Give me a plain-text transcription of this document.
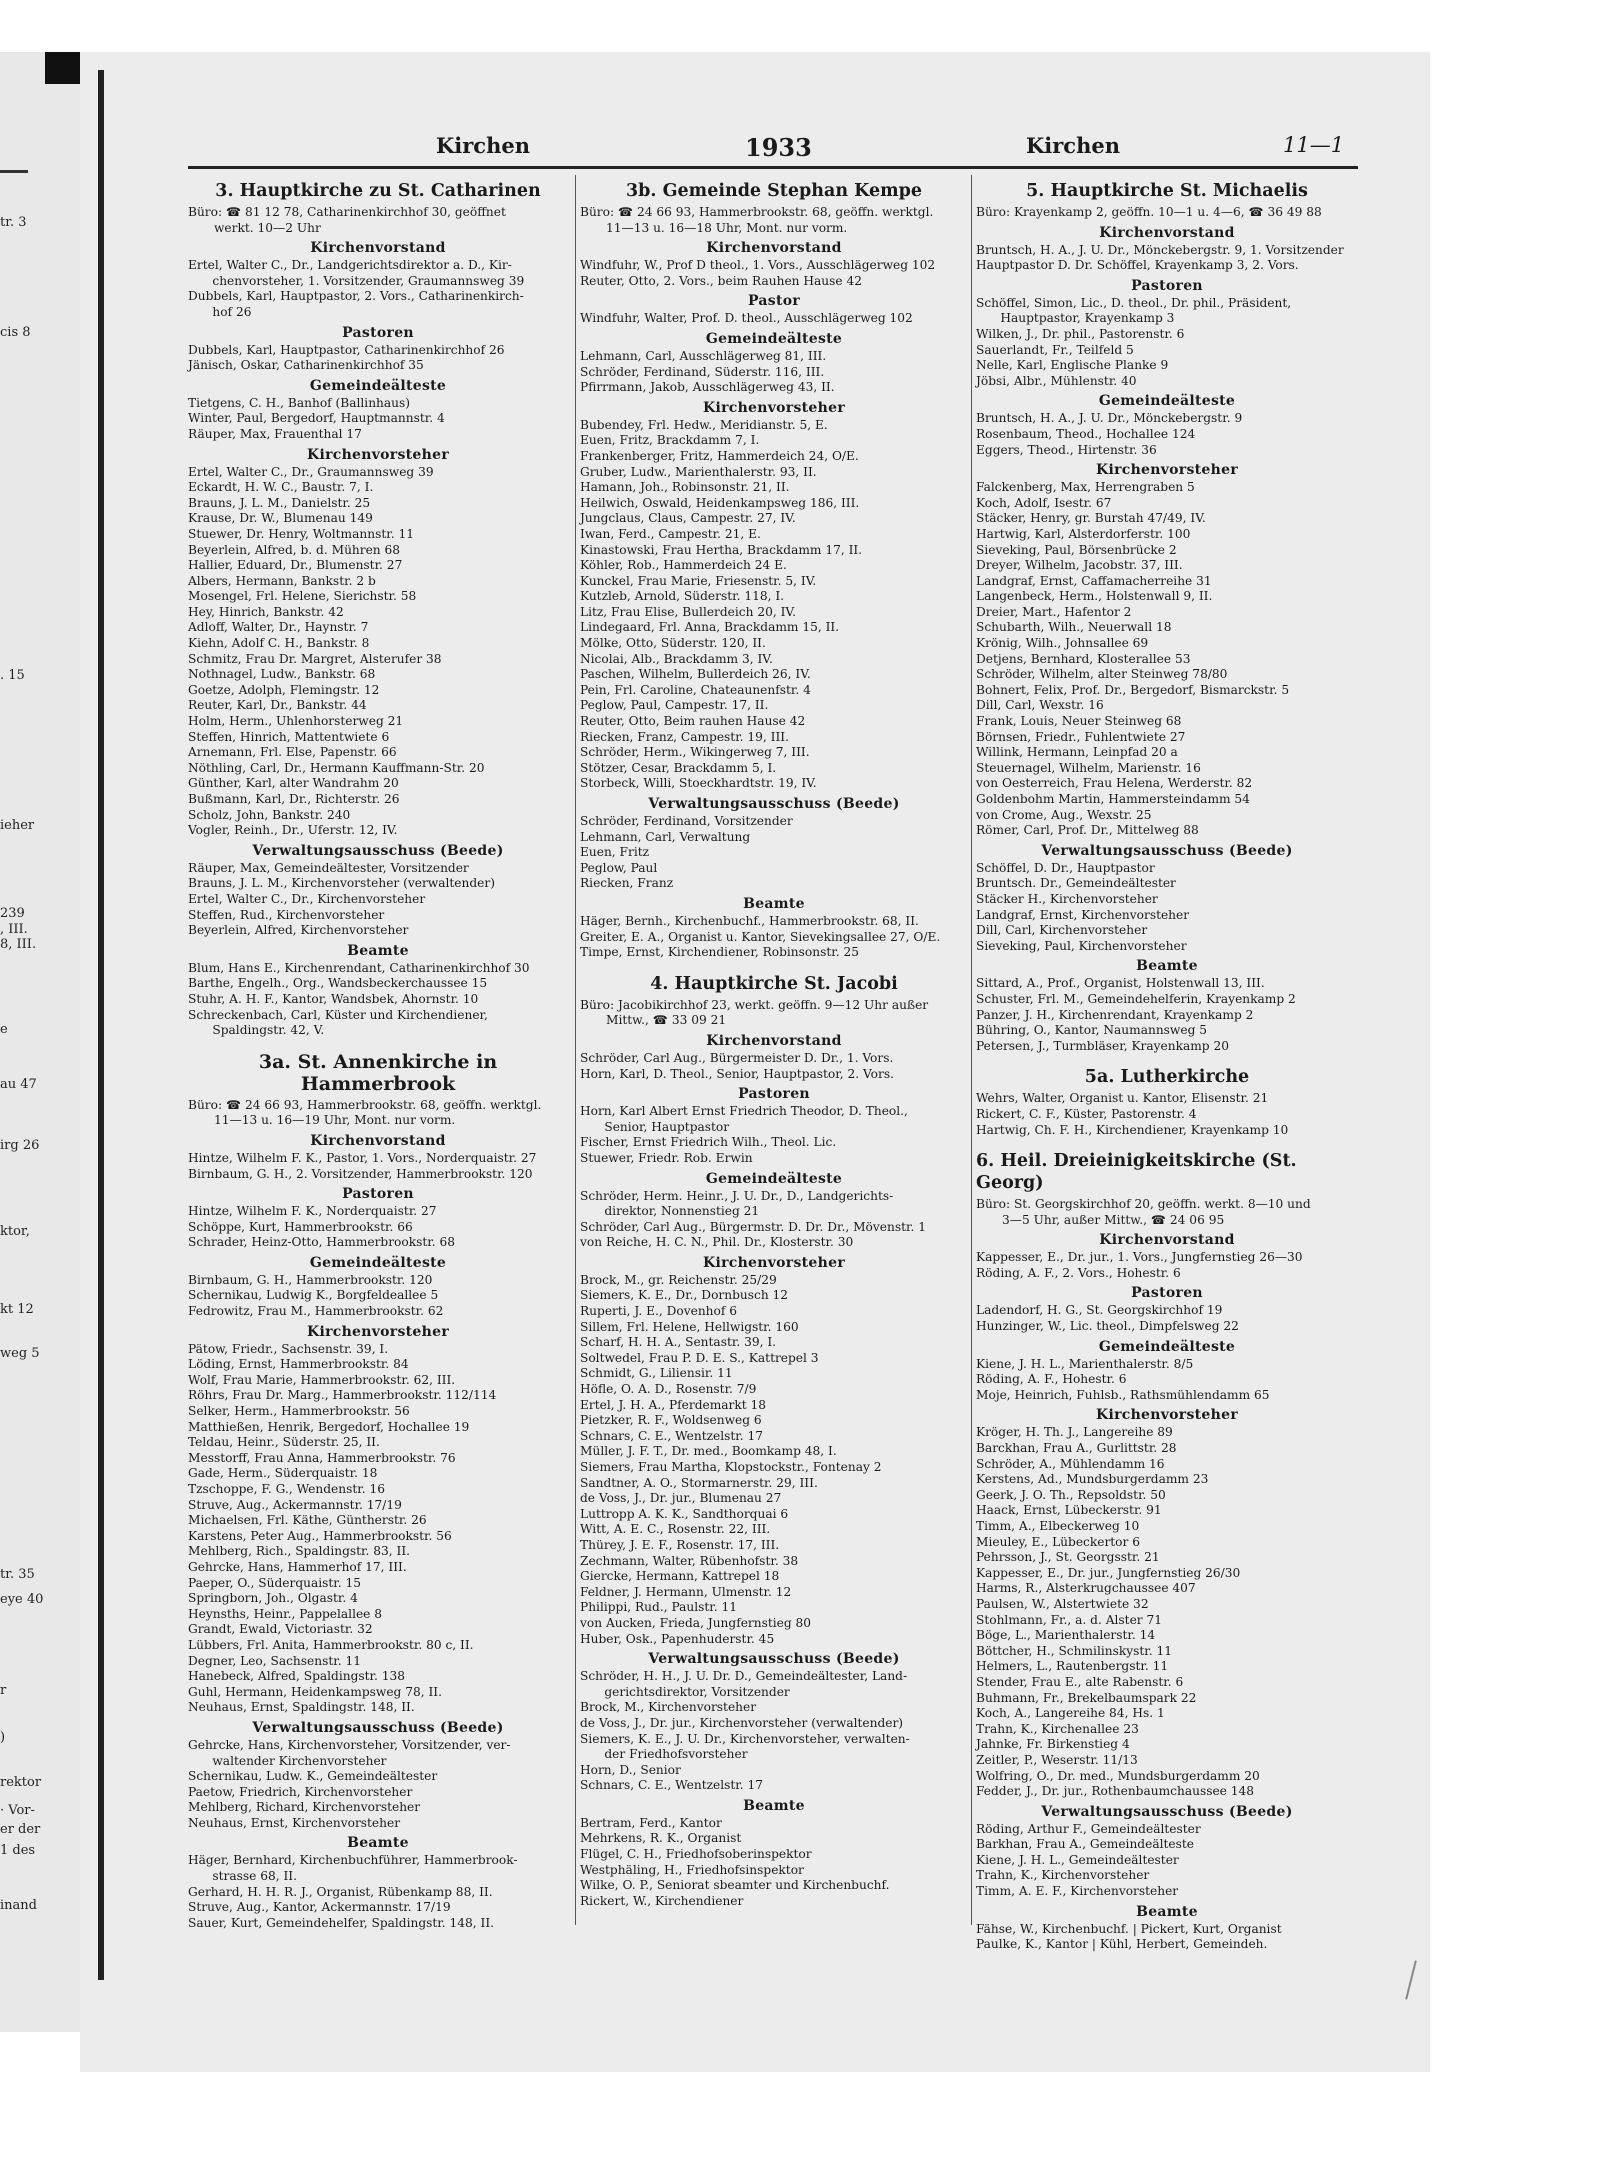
tr. 3
cis 8
. 15
ieher
239
, III.
8, III.
e
au 47
irg 26
ktor,
kt 12
weg 5
tr. 35
eye 40
r
)
rektor
· Vor-
er der
1 des
inand
Kirchen	1933	Kirchen	11—1
3. Hauptkirche zu St. Catharinen
Büro: ☎ 81 12 78, Catharinenkirchhof 30, geöffnet
werkt. 10—2 Uhr
Kirchenvorstand
Ertel, Walter C., Dr., Landgerichtsdirektor a. D., Kir-
  chenvorsteher, 1. Vorsitzender, Graumannsweg 39
Dubbels, Karl, Hauptpastor, 2. Vors., Catharinenkirch-
  hof 26
Pastoren
Dubbels, Karl, Hauptpastor, Catharinenkirchhof 26
Jänisch, Oskar, Catharinenkirchhof 35
Gemeindeälteste
Tietgens, C. H., Banhof (Ballinhaus)
Winter, Paul, Bergedorf, Hauptmannstr. 4
Räuper, Max, Frauenthal 17
Kirchenvorsteher
Ertel, Walter C., Dr., Graumannsweg 39
Eckardt, H. W. C., Baustr. 7, I.
Brauns, J. L. M., Danielstr. 25
Krause, Dr. W., Blumenau 149
Stuewer, Dr. Henry, Woltmannstr. 11
Beyerlein, Alfred, b. d. Mühren 68
Hallier, Eduard, Dr., Blumenstr. 27
Albers, Hermann, Bankstr. 2 b
Mosengel, Frl. Helene, Sierichstr. 58
Hey, Hinrich, Bankstr. 42
Adloff, Walter, Dr., Haynstr. 7
Kiehn, Adolf C. H., Bankstr. 8
Schmitz, Frau Dr. Margret, Alsterufer 38
Nothnagel, Ludw., Bankstr. 68
Goetze, Adolph, Flemingstr. 12
Reuter, Karl, Dr., Bankstr. 44
Holm, Herm., Uhlenhorsterweg 21
Steffen, Hinrich, Mattentwiete 6
Arnemann, Frl. Else, Papenstr. 66
Nöthling, Carl, Dr., Hermann Kauffmann-Str. 20
Günther, Karl, alter Wandrahm 20
Bußmann, Karl, Dr., Richterstr. 26
Scholz, John, Bankstr. 240
Vogler, Reinh., Dr., Uferstr. 12, IV.
Verwaltungsausschuss (Beede)
Räuper, Max, Gemeindeältester, Vorsitzender
Brauns, J. L. M., Kirchenvorsteher (verwaltender)
Ertel, Walter C., Dr., Kirchenvorsteher
Steffen, Rud., Kirchenvorsteher
Beyerlein, Alfred, Kirchenvorsteher
Beamte
Blum, Hans E., Kirchenrendant, Catharinenkirchhof 30
Barthe, Engelh., Org., Wandsbeckerchaussee 15
Stuhr, A. H. F., Kantor, Wandsbek, Ahornstr. 10
Schreckenbach, Carl, Küster und Kirchendiener,
  Spaldingstr. 42, V.
3a. St. Annenkirche in Hammerbrook
Büro: ☎ 24 66 93, Hammerbrookstr. 68, geöffn. werktgl.
11—13 u. 16—19 Uhr, Mont. nur vorm.
Kirchenvorstand
Hintze, Wilhelm F. K., Pastor, 1. Vors., Norderquaistr. 27
Birnbaum, G. H., 2. Vorsitzender, Hammerbrookstr. 120
Pastoren
Hintze, Wilhelm F. K., Norderquaistr. 27
Schöppe, Kurt, Hammerbrookstr. 66
Schrader, Heinz-Otto, Hammerbrookstr. 68
Gemeindeälteste
Birnbaum, G. H., Hammerbrookstr. 120
Schernikau, Ludwig K., Borgfeldeallee 5
Fedrowitz, Frau M., Hammerbrookstr. 62
Kirchenvorsteher
Pätow, Friedr., Sachsenstr. 39, I.
Löding, Ernst, Hammerbrookstr. 84
Wolf, Frau Marie, Hammerbrookstr. 62, III.
Röhrs, Frau Dr. Marg., Hammerbrookstr. 112/114
Selker, Herm., Hammerbrookstr. 56
Matthießen, Henrik, Bergedorf, Hochallee 19
Teldau, Heinr., Süderstr. 25, II.
Messtorff, Frau Anna, Hammerbrookstr. 76
Gade, Herm., Süderquaistr. 18
Tzschoppe, F. G., Wendenstr. 16
Struve, Aug., Ackermannstr. 17/19
Michaelsen, Frl. Käthe, Güntherstr. 26
Karstens, Peter Aug., Hammerbrookstr. 56
Mehlberg, Rich., Spaldingstr. 83, II.
Gehrcke, Hans, Hammerhof 17, III.
Paeper, O., Süderquaistr. 15
Springborn, Joh., Olgastr. 4
Heynsths, Heinr., Pappelallee 8
Grandt, Ewald, Victoriastr. 32
Lübbers, Frl. Anita, Hammerbrookstr. 80 c, II.
Degner, Leo, Sachsenstr. 11
Hanebeck, Alfred, Spaldingstr. 138
Guhl, Hermann, Heidenkampsweg 78, II.
Neuhaus, Ernst, Spaldingstr. 148, II.
Verwaltungsausschuss (Beede)
Gehrcke, Hans, Kirchenvorsteher, Vorsitzender, ver-
  waltender Kirchenvorsteher
Schernikau, Ludw. K., Gemeindeältester
Paetow, Friedrich, Kirchenvorsteher
Mehlberg, Richard, Kirchenvorsteher
Neuhaus, Ernst, Kirchenvorsteher
Beamte
Häger, Bernhard, Kirchenbuchführer, Hammerbrook-
  strasse 68, II.
Gerhard, H. H. R. J., Organist, Rübenkamp 88, II.
Struve, Aug., Kantor, Ackermannstr. 17/19
Sauer, Kurt, Gemeindehelfer, Spaldingstr. 148, II.
3b. Gemeinde Stephan Kempe
Büro: ☎ 24 66 93, Hammerbrookstr. 68, geöffn. werktgl.
11—13 u. 16—18 Uhr, Mont. nur vorm.
Kirchenvorstand
Windfuhr, W., Prof D theol., 1. Vors., Ausschlägerweg 102
Reuter, Otto, 2. Vors., beim Rauhen Hause 42
Pastor
Windfuhr, Walter, Prof. D. theol., Ausschlägerweg 102
Gemeindeälteste
Lehmann, Carl, Ausschlägerweg 81, III.
Schröder, Ferdinand, Süderstr. 116, III.
Pfirrmann, Jakob, Ausschlägerweg 43, II.
Kirchenvorsteher
Bubendey, Frl. Hedw., Meridianstr. 5, E.
Euen, Fritz, Brackdamm 7, I.
Frankenberger, Fritz, Hammerdeich 24, O/E.
Gruber, Ludw., Marienthalerstr. 93, II.
Hamann, Joh., Robinsonstr. 21, II.
Heilwich, Oswald, Heidenkampsweg 186, III.
Jungclaus, Claus, Campestr. 27, IV.
Iwan, Ferd., Campestr. 21, E.
Kinastowski, Frau Hertha, Brackdamm 17, II.
Köhler, Rob., Hammerdeich 24 E.
Kunckel, Frau Marie, Friesenstr. 5, IV.
Kutzleb, Arnold, Süderstr. 118, I.
Litz, Frau Elise, Bullerdeich 20, IV.
Lindegaard, Frl. Anna, Brackdamm 15, II.
Mölke, Otto, Süderstr. 120, II.
Nicolai, Alb., Brackdamm 3, IV.
Paschen, Wilhelm, Bullerdeich 26, IV.
Pein, Frl. Caroline, Chateaunenfstr. 4
Peglow, Paul, Campestr. 17, II.
Reuter, Otto, Beim rauhen Hause 42
Riecken, Franz, Campestr. 19, III.
Schröder, Herm., Wikingerweg 7, III.
Stötzer, Cesar, Brackdamm 5, I.
Storbeck, Willi, Stoeckhardtstr. 19, IV.
Verwaltungsausschuss (Beede)
Schröder, Ferdinand, Vorsitzender
Lehmann, Carl, Verwaltung
Euen, Fritz
Peglow, Paul
Riecken, Franz
Beamte
Häger, Bernh., Kirchenbuchf., Hammerbrookstr. 68, II.
Greiter, E. A., Organist u. Kantor, Sievekingsallee 27, O/E.
Timpe, Ernst, Kirchendiener, Robinsonstr. 25
4. Hauptkirche St. Jacobi
Büro: Jacobikirchhof 23, werkt. geöffn. 9—12 Uhr außer
Mittw., ☎ 33 09 21
Kirchenvorstand
Schröder, Carl Aug., Bürgermeister D. Dr., 1. Vors.
Horn, Karl, D. Theol., Senior, Hauptpastor, 2. Vors.
Pastoren
Horn, Karl Albert Ernst Friedrich Theodor, D. Theol.,
  Senior, Hauptpastor
Fischer, Ernst Friedrich Wilh., Theol. Lic.
Stuewer, Friedr. Rob. Erwin
Gemeindeälteste
Schröder, Herm. Heinr., J. U. Dr., D., Landgerichts-
  direktor, Nonnenstieg 21
Schröder, Carl Aug., Bürgermstr. D. Dr. Dr., Mövenstr. 1
von Reiche, H. C. N., Phil. Dr., Klosterstr. 30
Kirchenvorsteher
Brock, M., gr. Reichenstr. 25/29
Siemers, K. E., Dr., Dornbusch 12
Ruperti, J. E., Dovenhof 6
Sillem, Frl. Helene, Hellwigstr. 160
Scharf, H. H. A., Sentastr. 39, I.
Soltwedel, Frau P. D. E. S., Kattrepel 3
Schmidt, G., Liliensir. 11
Höfle, O. A. D., Rosenstr. 7/9
Ertel, J. H. A., Pferdemarkt 18
Pietzker, R. F., Woldsenweg 6
Schnars, C. E., Wentzelstr. 17
Müller, J. F. T., Dr. med., Boomkamp 48, I.
Siemers, Frau Martha, Klopstockstr., Fontenay 2
Sandtner, A. O., Stormarnerstr. 29, III.
de Voss, J., Dr. jur., Blumenau 27
Luttropp A. K. K., Sandthorquai 6
Witt, A. E. C., Rosenstr. 22, III.
Thürey, J. E. F., Rosenstr. 17, III.
Zechmann, Walter, Rübenhofstr. 38
Giercke, Hermann, Kattrepel 18
Feldner, J. Hermann, Ulmenstr. 12
Philippi, Rud., Paulstr. 11
von Aucken, Frieda, Jungfernstieg 80
Huber, Osk., Papenhuderstr. 45
Verwaltungsausschuss (Beede)
Schröder, H. H., J. U. Dr. D., Gemeindeältester, Land-
  gerichtsdirektor, Vorsitzender
Brock, M., Kirchenvorsteher
de Voss, J., Dr. jur., Kirchenvorsteher (verwaltender)
Siemers, K. E., J. U. Dr., Kirchenvorsteher, verwalten-
  der Friedhofsvorsteher
Horn, D., Senior
Schnars, C. E., Wentzelstr. 17
Beamte
Bertram, Ferd., Kantor
Mehrkens, R. K., Organist
Flügel, C. H., Friedhofsoberinspektor
Westphäling, H., Friedhofsinspektor
Wilke, O. P., Seniorat sbeamter und Kirchenbuchf.
Rickert, W., Kirchendiener
5. Hauptkirche St. Michaelis
Büro: Krayenkamp 2, geöffn. 10—1 u. 4—6, ☎ 36 49 88
Kirchenvorstand
Bruntsch, H. A., J. U. Dr., Mönckebergstr. 9, 1. Vorsitzender
Hauptpastor D. Dr. Schöffel, Krayenkamp 3, 2. Vors.
Pastoren
Schöffel, Simon, Lic., D. theol., Dr. phil., Präsident,
  Hauptpastor, Krayenkamp 3
Wilken, J., Dr. phil., Pastorenstr. 6
Sauerlandt, Fr., Teilfeld 5
Nelle, Karl, Englische Planke 9
Jöbsi, Albr., Mühlenstr. 40
Gemeindeälteste
Bruntsch, H. A., J. U. Dr., Mönckebergstr. 9
Rosenbaum, Theod., Hochallee 124
Eggers, Theod., Hirtenstr. 36
Kirchenvorsteher
Falckenberg, Max, Herrengraben 5
Koch, Adolf, Isestr. 67
Stäcker, Henry, gr. Burstah 47/49, IV.
Hartwig, Karl, Alsterdorferstr. 100
Sieveking, Paul, Börsenbrücke 2
Dreyer, Wilhelm, Jacobstr. 37, III.
Landgraf, Ernst, Caffamacherreihe 31
Langenbeck, Herm., Holstenwall 9, II.
Dreier, Mart., Hafentor 2
Schubarth, Wilh., Neuerwall 18
Krönig, Wilh., Johnsallee 69
Detjens, Bernhard, Klosterallee 53
Schröder, Wilhelm, alter Steinweg 78/80
Bohnert, Felix, Prof. Dr., Bergedorf, Bismarckstr. 5
Dill, Carl, Wexstr. 16
Frank, Louis, Neuer Steinweg 68
Börnsen, Friedr., Fuhlentwiete 27
Willink, Hermann, Leinpfad 20 a
Steuernagel, Wilhelm, Marienstr. 16
von Oesterreich, Frau Helena, Werderstr. 82
Goldenbohm Martin, Hammersteindamm 54
von Crome, Aug., Wexstr. 25
Römer, Carl, Prof. Dr., Mittelweg 88
Verwaltungsausschuss (Beede)
Schöffel, D. Dr., Hauptpastor
Bruntsch. Dr., Gemeindeältester
Stäcker H., Kirchenvorsteher
Landgraf, Ernst, Kirchenvorsteher
Dill, Carl, Kirchenvorsteher
Sieveking, Paul, Kirchenvorsteher
Beamte
Sittard, A., Prof., Organist, Holstenwall 13, III.
Schuster, Frl. M., Gemeindehelferin, Krayenkamp 2
Panzer, J. H., Kirchenrendant, Krayenkamp 2
Bühring, O., Kantor, Naumannsweg 5
Petersen, J., Turmbläser, Krayenkamp 20
5a. Lutherkirche
Wehrs, Walter, Organist u. Kantor, Elisenstr. 21
Rickert, C. F., Küster, Pastorenstr. 4
Hartwig, Ch. F. H., Kirchendiener, Krayenkamp 10
6. Heil. Dreieinigkeitskirche (St. Georg)
Büro: St. Georgskirchhof 20, geöffn. werkt. 8—10 und
3—5 Uhr, außer Mittw., ☎ 24 06 95
Kirchenvorstand
Kappesser, E., Dr. jur., 1. Vors., Jungfernstieg 26—30
Röding, A. F., 2. Vors., Hohestr. 6
Pastoren
Ladendorf, H. G., St. Georgskirchhof 19
Hunzinger, W., Lic. theol., Dimpfelsweg 22
Gemeindeälteste
Kiene, J. H. L., Marienthalerstr. 8/5
Röding, A. F., Hohestr. 6
Moje, Heinrich, Fuhlsb., Rathsmühlendamm 65
Kirchenvorsteher
Kröger, H. Th. J., Langereihe 89
Barckhan, Frau A., Gurlittstr. 28
Schröder, A., Mühlendamm 16
Kerstens, Ad., Mundsburgerdamm 23
Geerk, J. O. Th., Repsoldstr. 50
Haack, Ernst, Lübeckerstr. 91
Timm, A., Elbeckerweg 10
Mieuley, E., Lübeckertor 6
Pehrsson, J., St. Georgsstr. 21
Kappesser, E., Dr. jur., Jungfernstieg 26/30
Harms, R., Alsterkrugchaussee 407
Paulsen, W., Alstertwiete 32
Stohlmann, Fr., a. d. Alster 71
Böge, L., Marienthalerstr. 14
Böttcher, H., Schmilinskystr. 11
Helmers, L., Rautenbergstr. 11
Stender, Frau E., alte Rabenstr. 6
Buhmann, Fr., Brekelbaumspark 22
Koch, A., Langereihe 84, Hs. 1
Trahn, K., Kirchenallee 23
Jahnke, Fr. Birkenstieg 4
Zeitler, P., Weserstr. 11/13
Wolfring, O., Dr. med., Mundsburgerdamm 20
Fedder, J., Dr. jur., Rothenbaumchaussee 148
Verwaltungsausschuss (Beede)
Röding, Arthur F., Gemeindeältester
Barkhan, Frau A., Gemeindeälteste
Kiene, J. H. L., Gemeindeältester
Trahn, K., Kirchenvorsteher
Timm, A. E. F., Kirchenvorsteher
Beamte
Fähse, W., Kirchenbuchf. | Pickert, Kurt, Organist
Paulke, K., Kantor | Kühl, Herbert, Gemeindeh.
